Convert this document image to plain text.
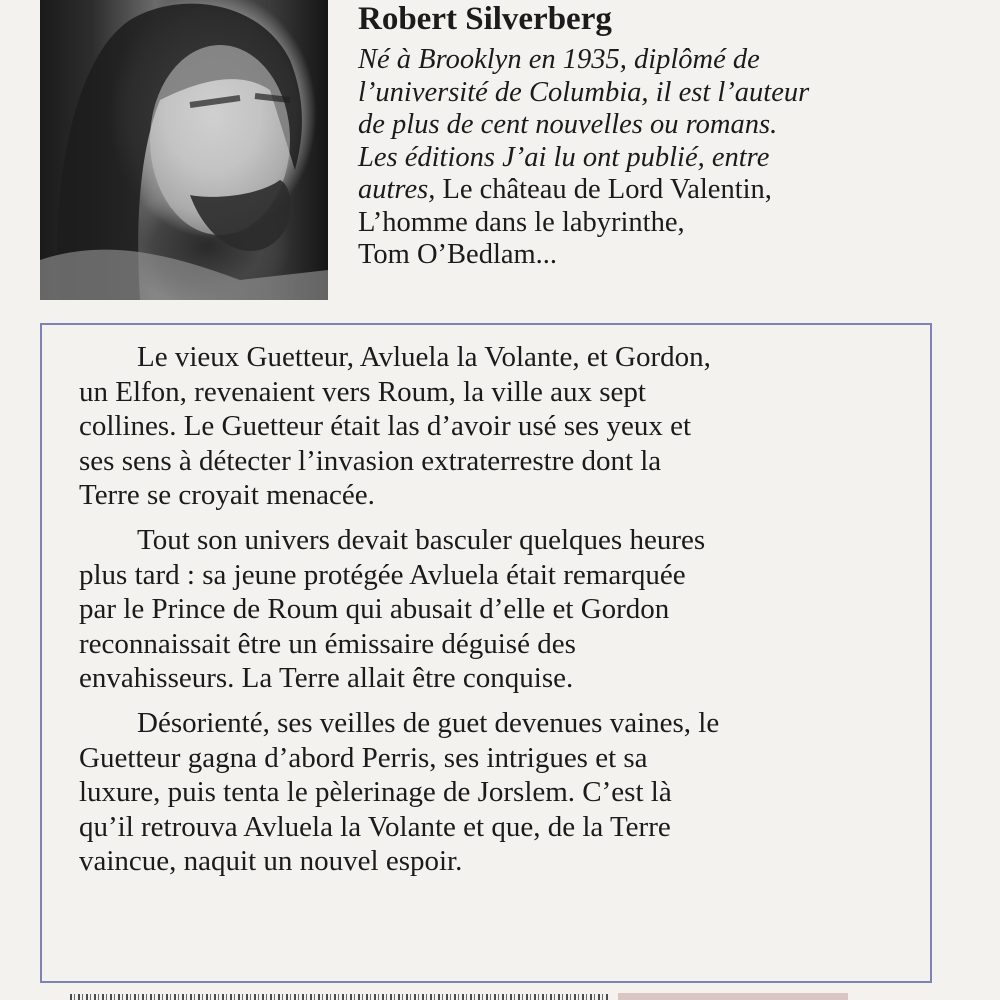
Robert Silverberg
Né à Brooklyn en 1935, diplômé de
l’université de Columbia, il est l’auteur
de plus de cent nouvelles ou romans.
Les éditions J’ai lu ont publié, entre
autres, Le château de Lord Valentin,
L’homme dans le labyrinthe,
Tom O’Bedlam...
Le vieux Guetteur, Avluela la Volante, et Gordon,
un Elfon, revenaient vers Roum, la ville aux sept
collines. Le Guetteur était las d’avoir usé ses yeux et
ses sens à détecter l’invasion extraterrestre dont la
Terre se croyait menacée.
Tout son univers devait basculer quelques heures
plus tard : sa jeune protégée Avluela était remarquée
par le Prince de Roum qui abusait d’elle et Gordon
reconnaissait être un émissaire déguisé des
envahisseurs. La Terre allait être conquise.
Désorienté, ses veilles de guet devenues vaines, le
Guetteur gagna d’abord Perris, ses intrigues et sa
luxure, puis tenta le pèlerinage de Jorslem. C’est là
qu’il retrouva Avluela la Volante et que, de la Terre
vaincue, naquit un nouvel espoir.
